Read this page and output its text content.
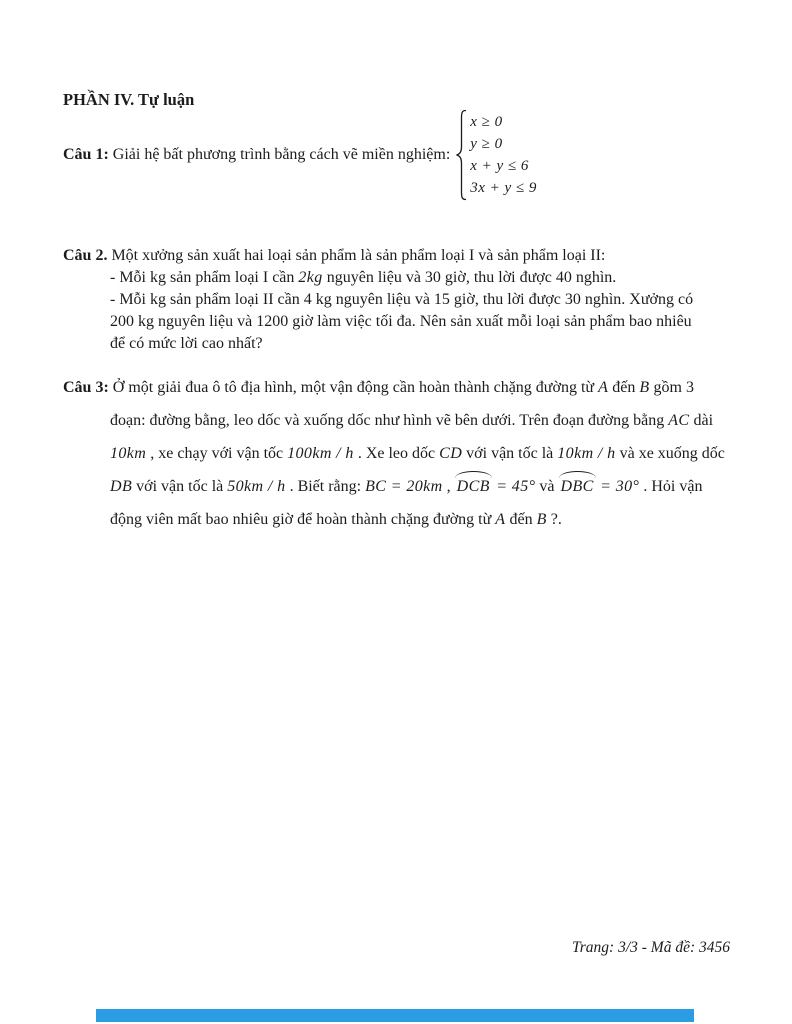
PHẦN IV. Tự luận
Câu 1: Giải hệ bất phương trình bằng cách vẽ miền nghiệm:
x ≥ 0
y ≥ 0
x + y ≤ 6
3x + y ≤ 9
Câu 2. Một xưởng sản xuất hai loại sản phẩm là sản phẩm loại I và sản phẩm loại II:
- Mỗi kg sản phẩm loại I cần 2kg nguyên liệu và 30 giờ, thu lời được 40 nghìn.
- Mỗi kg sản phẩm loại II cần 4 kg nguyên liệu và 15 giờ, thu lời được 30 nghìn. Xưởng có
200 kg nguyên liệu và 1200 giờ làm việc tối đa. Nên sản xuất mỗi loại sản phẩm bao nhiêu
để có mức lời cao nhất?
Câu 3: Ở một giải đua ô tô địa hình, một vận động cần hoàn thành chặng đường từ A đến B gồm 3
đoạn: đường bằng, leo dốc và xuống dốc như hình vẽ bên dưới. Trên đoạn đường bằng AC dài
10km , xe chạy với vận tốc 100km / h . Xe leo dốc CD với vận tốc là 10km / h và xe xuống dốc
DB với vận tốc là 50km / h . Biết rằng: BC = 20km , DCB = 45° và DBC = 30° . Hỏi vận
động viên mất bao nhiêu giờ để hoàn thành chặng đường từ A đến B ?.
Trang: 3/3 - Mã đề: 3456
